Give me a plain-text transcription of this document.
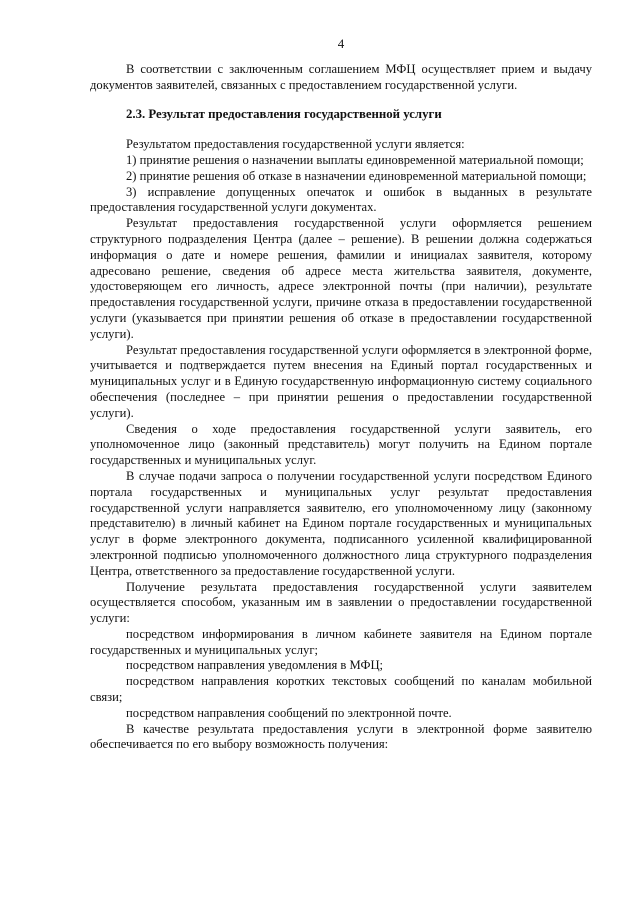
4

В соответствии с заключенным соглашением МФЦ осуществляет прием и выдачу документов заявителей, связанных с предоставлением государственной услуги.

2.3. Результат предоставления государственной услуги

Результатом предоставления государственной услуги является:

1) принятие решения о назначении выплаты единовременной материальной помощи;

2) принятие решения об отказе в назначении единовременной материальной помощи;

3) исправление допущенных опечаток и ошибок в выданных в результате предоставления государственной услуги документах.

Результат предоставления государственной услуги оформляется решением структурного подразделения Центра (далее – решение). В решении должна содержаться информация о дате и номере решения, фамилии и инициалах заявителя, которому адресовано решение, сведения об адресе места жительства заявителя, документе, удостоверяющем его личность, адресе электронной почты (при наличии), результате предоставления государственной услуги, причине отказа в предоставлении государственной услуги (указывается при принятии решения об отказе в предоставлении государственной услуги).

Результат предоставления государственной услуги оформляется в электронной форме, учитывается и подтверждается путем внесения на Единый портал государственных и муниципальных услуг и в Единую государственную информационную систему социального обеспечения (последнее – при принятии решения о предоставлении государственной услуги).

Сведения о ходе предоставления государственной услуги заявитель, его уполномоченное лицо (законный представитель) могут получить на Едином портале государственных и муниципальных услуг.

В случае подачи запроса о получении государственной услуги посредством Единого портала государственных и муниципальных услуг результат предоставления государственной услуги направляется заявителю, его уполномоченному лицу (законному представителю) в личный кабинет на Едином портале государственных и муниципальных услуг в форме электронного документа, подписанного усиленной квалифицированной электронной подписью уполномоченного должностного лица структурного подразделения Центра, ответственного за предоставление государственной услуги.

Получение результата предоставления государственной услуги заявителем осуществляется способом, указанным им в заявлении о предоставлении государственной услуги:

посредством информирования в личном кабинете заявителя на Едином портале государственных и муниципальных услуг;

посредством направления уведомления в МФЦ;

посредством направления коротких текстовых сообщений по каналам мобильной связи;

посредством направления сообщений по электронной почте.

В качестве результата предоставления услуги в электронной форме заявителю обеспечивается по его выбору возможность получения:
